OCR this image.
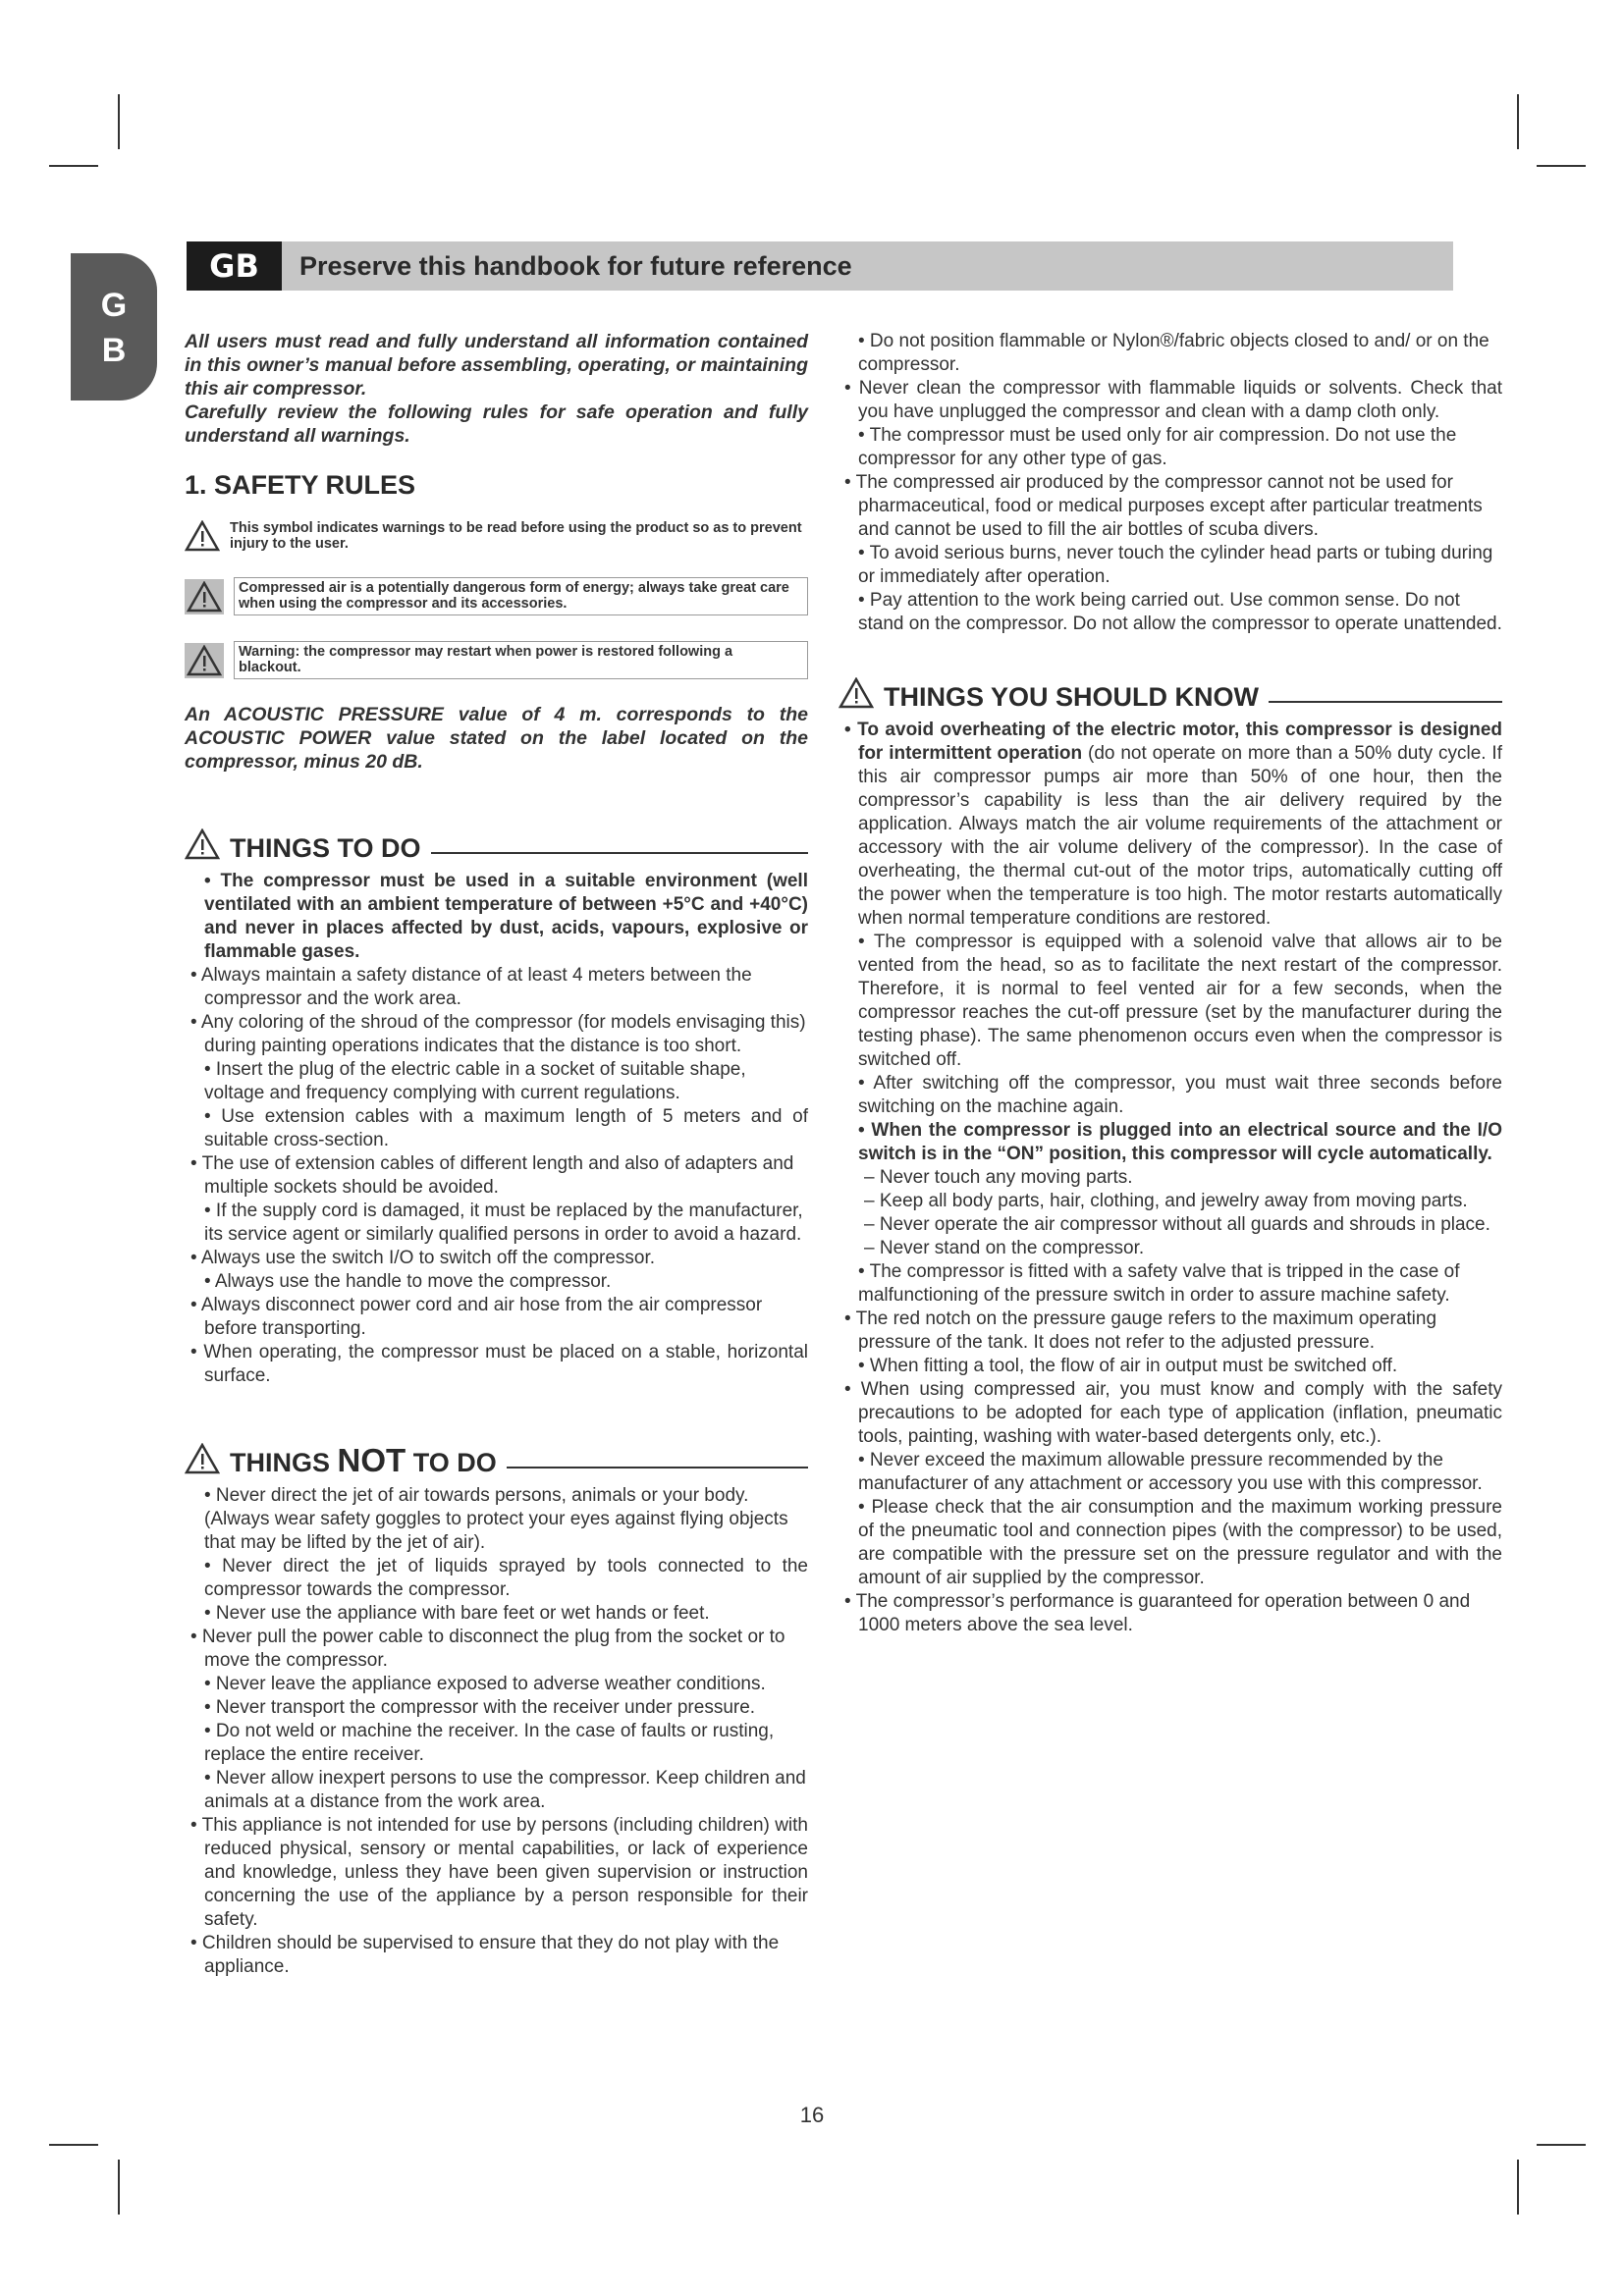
G
B
GB	Preserve this handbook for future reference

All users must read and fully understand all information contained in this owner’s manual before assembling, operating, or maintaining this air compressor.

Carefully review the following rules for safe operation and fully understand all warnings.

1. SAFETY RULES
This symbol indicates warnings to be read before using the product so as to prevent injury to the user.
Compressed air is a potentially dangerous form of energy; always take great care when using the compressor and its accessories.
Warning: the compressor may restart when power is restored following a blackout.

An ACOUSTIC PRESSURE value of 4 m. corresponds to the ACOUSTIC POWER value stated on the label located on the compressor, minus 20 dB.

THINGS TO DO

• The compressor must be used in a suitable environment (well ventilated with an ambient temperature of between +5°C and +40°C) and never in places affected by dust, acids, vapours, explosive or flammable gases.

• Always maintain a safety distance of at least 4 meters between the compressor and the work area.

• Any coloring of the shroud of the compressor (for models envisaging this) during painting operations indicates that the distance is too short.

• Insert the plug of the electric cable in a socket of suitable shape, voltage and frequency complying with current regulations.

• Use extension cables with a maximum length of 5 meters and of suitable cross-section.

• The use of extension cables of different length and also of adapters and multiple sockets should be avoided.

• If the supply cord is damaged, it must be replaced by the manufacturer, its service agent or similarly qualified persons in order to avoid a hazard.

• Always use the switch I/O to switch off the compressor.

• Always use the handle to move the compressor.

• Always disconnect power cord and air hose from the air compressor before transporting.

• When operating, the compressor must be placed on a stable, horizontal surface.

THINGS NOT TO DO

• Never direct the jet of air towards persons, animals or your body. (Always wear safety goggles to protect your eyes against flying objects that may be lifted by the jet of air).

• Never direct the jet of liquids sprayed by tools connected to the compressor towards the compressor.

• Never use the appliance with bare feet or wet hands or feet.

• Never pull the power cable to disconnect the plug from the socket or to move the compressor.

• Never leave the appliance exposed to adverse weather conditions.

• Never transport the compressor with the receiver under pressure.

• Do not weld or machine the receiver. In the case of faults or rusting, replace the entire receiver.

• Never allow inexpert persons to use the compressor. Keep children and animals at a distance from the work area.

• This appliance is not intended for use by persons (including children) with reduced physical, sensory or mental capabilities, or lack of experience and knowledge, unless they have been given supervision or instruction concerning the use of the appliance by a person responsible for their safety.

• Children should be supervised to ensure that they do not play with the appliance.

• Do not position flammable or Nylon®/fabric objects closed to and/ or on the compressor.

• Never clean the compressor with flammable liquids or solvents. Check that you have unplugged the compressor and clean with a damp cloth only.

• The compressor must be used only for air compression. Do not use the compressor for any other type of gas.

• The compressed air produced by the compressor cannot not be used for pharmaceutical, food or medical purposes except after particular treatments and cannot be used to fill the air bottles of scuba divers.

• To avoid serious burns, never touch the cylinder head parts or tubing during or immediately after operation.

• Pay attention to the work being carried out. Use common sense. Do not stand on the compressor. Do not allow the compressor to operate unattended.

THINGS YOU SHOULD KNOW

• To avoid overheating of the electric motor, this compressor is designed for intermittent operation (do not operate on more than a 50% duty cycle. If this air compressor pumps air more than 50% of one hour, then the compressor’s capability is less than the air delivery required by the application. Always match the air volume requirements of the attachment or accessory with the air volume delivery of the compressor). In the case of overheating, the thermal cut-out of the motor trips, automatically cutting off the power when the temperature is too high. The motor restarts automatically when normal temperature conditions are restored.

• The compressor is equipped with a solenoid valve that allows air to be vented from the head, so as to facilitate the next restart of the compressor. Therefore, it is normal to feel vented air for a few seconds, when the compressor reaches the cut-off pressure (set by the manufacturer during the testing phase). The same phenomenon occurs even when the compressor is switched off.

• After switching off the compressor, you must wait three seconds before switching on the machine again.

• When the compressor is plugged into an electrical source and the I/O switch is in the “ON” position, this compressor will cycle automatically.

– Never touch any moving parts.

– Keep all body parts, hair, clothing, and jewelry away from moving parts.

– Never operate the air compressor without all guards and shrouds in place.

– Never stand on the compressor.

• The compressor is fitted with a safety valve that is tripped in the case of malfunctioning of the pressure switch in order to assure machine safety.

• The red notch on the pressure gauge refers to the maximum operating pressure of the tank. It does not refer to the adjusted pressure.

• When fitting a tool, the flow of air in output must be switched off.

• When using compressed air, you must know and comply with the safety precautions to be adopted for each type of application (inflation, pneumatic tools, painting, washing with water-based detergents only, etc.).

• Never exceed the maximum allowable pressure recommended by the manufacturer of any attachment or accessory you use with this compressor.

• Please check that the air consumption and the maximum working pressure of the pneumatic tool and connection pipes (with the compressor) to be used, are compatible with the pressure set on the pressure regulator and with the amount of air supplied by the compressor.

• The compressor’s performance is guaranteed for operation between 0 and 1000 meters above the sea level.

16
